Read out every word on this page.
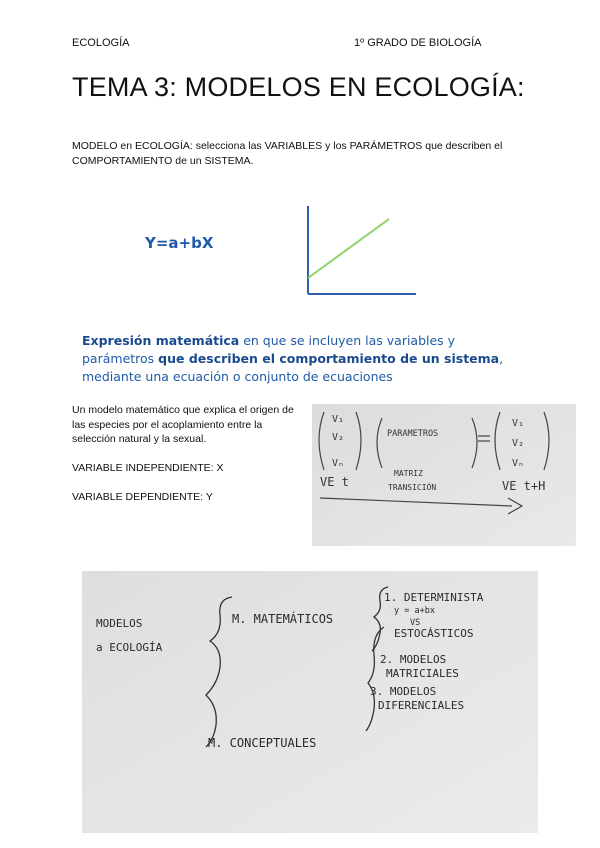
ECOLOGÍA	1º GRADO DE BIOLOGÍA
TEMA 3: MODELOS EN ECOLOGÍA:
MODELO en ECOLOGÍA: selecciona las VARIABLES y los PARÁMETROS que describen el COMPORTAMIENTO de un SISTEMA.
Y=a+bX
Expresión matemática en que se incluyen las variables y parámetros que describen el comportamiento de un sistema, mediante una ecuación o conjunto de ecuaciones
Un modelo matemático que explica el origen de las especies por el acoplamiento entre la selección natural y la sexual.
VARIABLE INDEPENDIENTE: X
VARIABLE DEPENDIENTE: Y
V₁
V₂
Vₙ
PARAMETROS
V₁
V₂
Vₙ
VE t
MATRIZ
TRANSICIÓN	VE t+H
MODELOS
a ECOLOGÍA
M. MATEMÁTICOS
M. CONCEPTUALES
1. DETERMINISTA
y = a+bx
VS
ESTOCÁSTICOS
2. MODELOS
MATRICIALES
3. MODELOS
DIFERENCIALES
